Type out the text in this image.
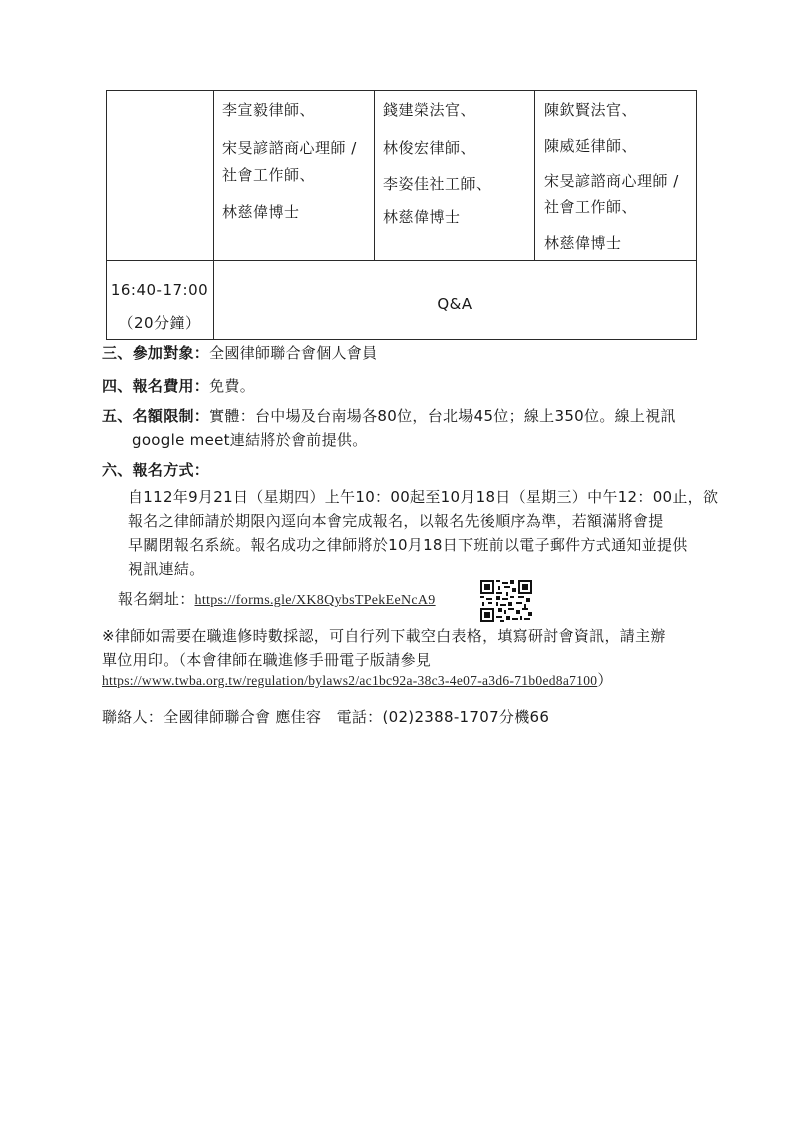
李宣毅律師、
宋旻諺諮商心理師 /
社會工作師、
林慈偉博士
錢建榮法官、
林俊宏律師、
李姿佳社工師、
林慈偉博士
陳欽賢法官、
陳威延律師、
宋旻諺諮商心理師 /
社會工作師、
林慈偉博士
16:40-17:00
（20分鐘）
Q&A
三、參加對象：全國律師聯合會個人會員
四、報名費用：免費。
五、名額限制：實體：台中場及台南場各80位，台北場45位；線上350位。線上視訊
google meet連結將於會前提供。
六、報名方式：
自112年9月21日（星期四）上午10：00起至10月18日（星期三）中午12：00止，欲
報名之律師請於期限內逕向本會完成報名，以報名先後順序為準，若額滿將會提
早關閉報名系統。報名成功之律師將於10月18日下班前以電子郵件方式通知並提供
視訊連結。
報名網址：https://forms.gle/XK8QybsTPekEeNcA9
※律師如需要在職進修時數採認，可自行列下載空白表格，填寫研討會資訊，請主辦
單位用印。（本會律師在職進修手冊電子版請參見
https://www.twba.org.tw/regulation/bylaws2/ac1bc92a-38c3-4e07-a3d6-71b0ed8a7100）
聯絡人：全國律師聯合會 應佳容　電話：(02)2388-1707分機66
